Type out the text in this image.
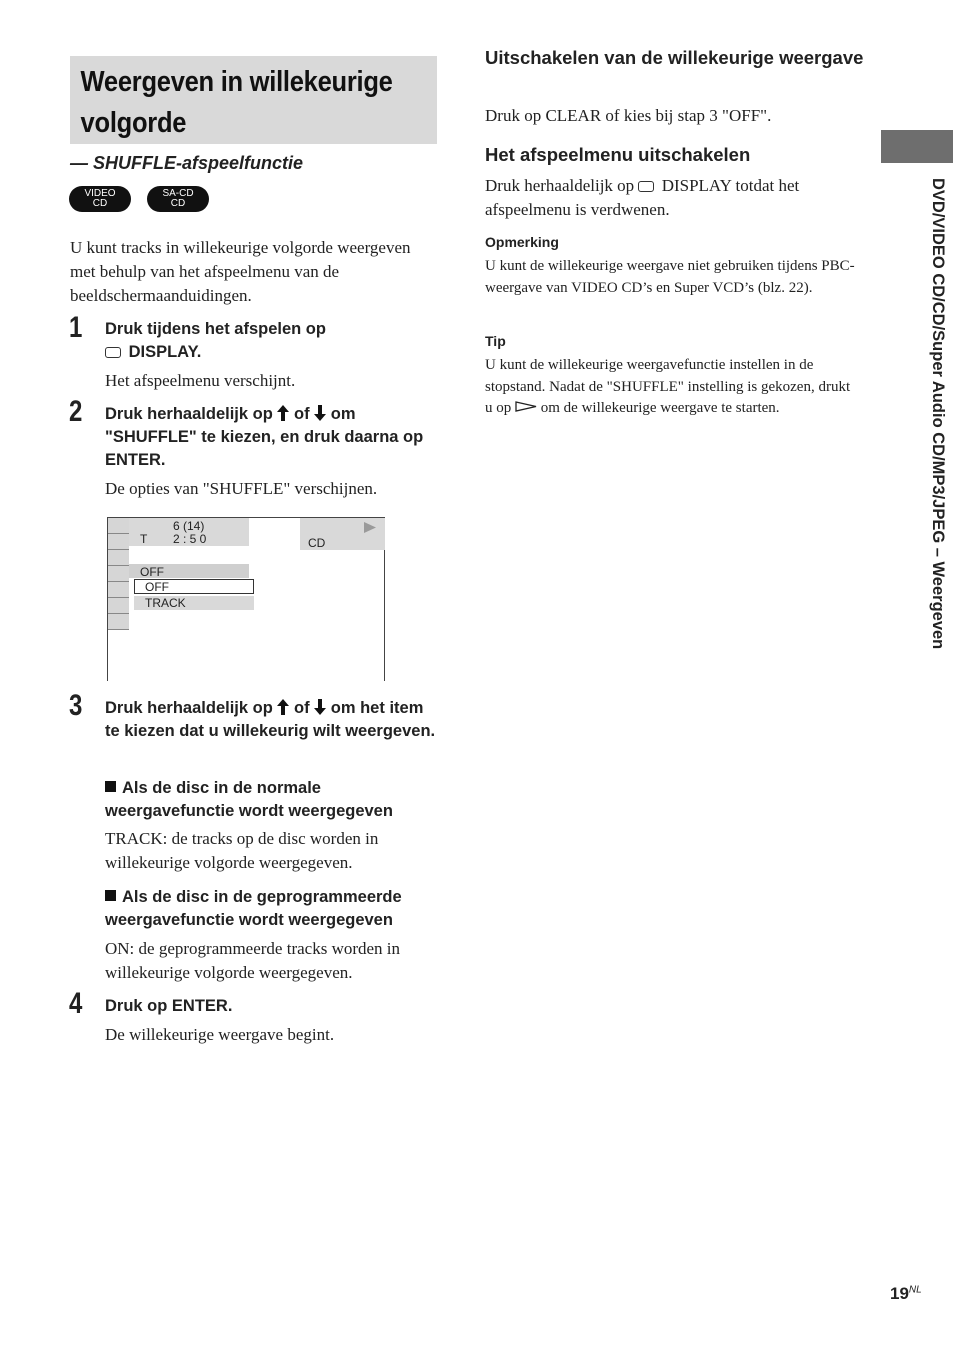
Weergeven in willekeurige volgorde
— SHUFFLE-afspeelfunctie
VIDEO
CD
SA-CD
CD
U kunt tracks in willekeurige volgorde weergeven met behulp van het afspeelmenu van de beeldschermaanduidingen.
1 Druk tijdens het afspelen op
DISPLAY.
Het afspeelmenu verschijnt.
2 Druk herhaaldelijk op of om "SHUFFLE" te kiezen, en druk daarna op ENTER.
De opties van "SHUFFLE" verschijnen.
6 (14)
T 2 : 5 0	CD
OFF
OFF
TRACK
3 Druk herhaaldelijk op of om het item te kiezen dat u willekeurig wilt weergeven.
Als de disc in de normale weergavefunctie wordt weergegeven
TRACK: de tracks op de disc worden in willekeurige volgorde weergegeven.
Als de disc in de geprogrammeerde weergavefunctie wordt weergegeven
ON: de geprogrammeerde tracks worden in willekeurige volgorde weergegeven.
4 Druk op ENTER.
De willekeurige weergave begint.
Uitschakelen van de willekeurige weergave
Druk op CLEAR of kies bij stap 3 "OFF".
Het afspeelmenu uitschakelen
Druk herhaaldelijk op DISPLAY totdat het afspeelmenu is verdwenen.
Opmerking
U kunt de willekeurige weergave niet gebruiken tijdens PBC-weergave van VIDEO CD’s en Super VCD’s (blz. 22).
Tip
U kunt de willekeurige weergavefunctie instellen in de stopstand. Nadat de "SHUFFLE" instelling is gekozen, drukt u op om de willekeurige weergave te starten.	DVD/VIDEO CD/CD/Super Audio CD/MP3/JPEG – Weergeven
$19^{NL}$
